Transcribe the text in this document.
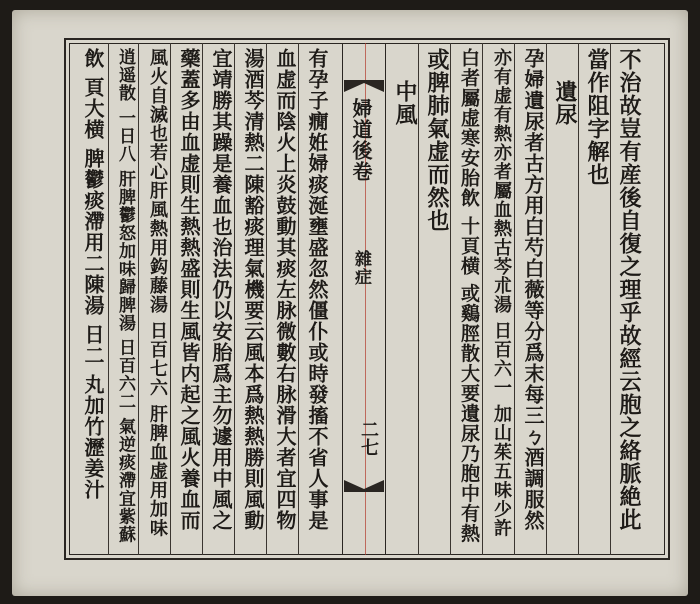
婦道後卷
雜症
二七	不治故豈有産後自復之理乎故經云胞之絡脈絶此
當作阻字解也
遺尿
孕婦遺尿者古方用白芍白薇等分爲末每三ㄅ酒調服然
亦有虚有熱亦者屬血熱古芩朮湯 日百六一 加山茱五味少許
白者屬虚寒安胎飲 十頁横 或鷄脛散大要遺尿乃胞中有熱
或脾肺氣虚而然也
中風
有孕子癇姙婦痰涎壅盛忽然僵仆或時發搐不省人事是
血虚而陰火上炎鼓動其痰左脉微數右脉滑大者宜四物
湯酒芩清熱二陳豁痰理氣機要云風本爲熱熱勝則風動
宜靖勝其躁是養血也治法仍以安胎爲主勿遽用中風之
藥蓋多由血虚則生熱熱盛則生風皆内起之風火養血而
風火自滅也若心肝風熱用鈎藤湯 日百七六 肝脾血虚用加味
逍遥散 一日八 肝脾鬱怒加味歸脾湯 日百六二 氣逆痰滯宜紫蘇
飲 頁大横 脾鬱痰滯用二陳湯 日二 丸加竹瀝姜汁
